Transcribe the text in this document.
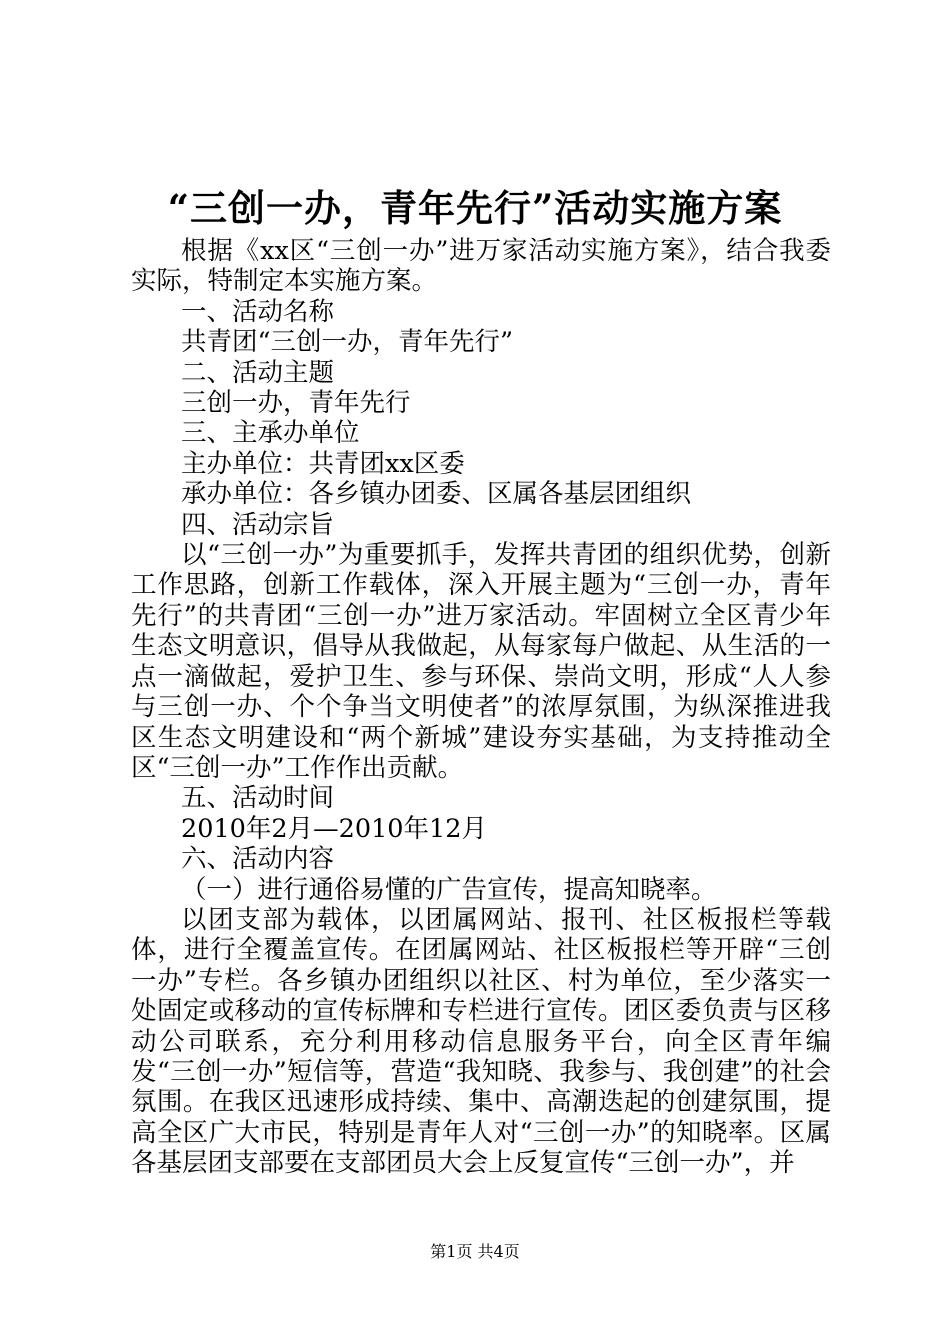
“三创一办，青年先行”活动实施方案

根据《xx区“三创一办”进万家活动实施方案》，结合我委实际，特制定本实施方案。

一、活动名称

共青团“三创一办，青年先行”

二、活动主题

三创一办，青年先行

三、主承办单位

主办单位：共青团xx区委

承办单位：各乡镇办团委、区属各基层团组织

四、活动宗旨

以“三创一办”为重要抓手，发挥共青团的组织优势，创新工作思路，创新工作载体，深入开展主题为“三创一办，青年先行”的共青团“三创一办”进万家活动。牢固树立全区青少年生态文明意识，倡导从我做起，从每家每户做起、从生活的一点一滴做起，爱护卫生、参与环保、崇尚文明，形成“人人参与三创一办、个个争当文明使者”的浓厚氛围，为纵深推进我区生态文明建设和“两个新城”建设夯实基础，为支持推动全区“三创一办”工作作出贡献。

五、活动时间

2010年2月—2010年12月

六、活动内容

（一）进行通俗易懂的广告宣传，提高知晓率。

以团支部为载体，以团属网站、报刊、社区板报栏等载体，进行全覆盖宣传。在团属网站、社区板报栏等开辟“三创一办”专栏。各乡镇办团组织以社区、村为单位，至少落实一处固定或移动的宣传标牌和专栏进行宣传。团区委负责与区移动公司联系，充分利用移动信息服务平台，向全区青年编发“三创一办”短信等，营造“我知晓、我参与、我创建”的社会氛围。在我区迅速形成持续、集中、高潮迭起的创建氛围，提高全区广大市民，特别是青年人对“三创一办”的知晓率。区属各基层团支部要在支部团员大会上反复宣传“三创一办”，并

第1页 共4页
